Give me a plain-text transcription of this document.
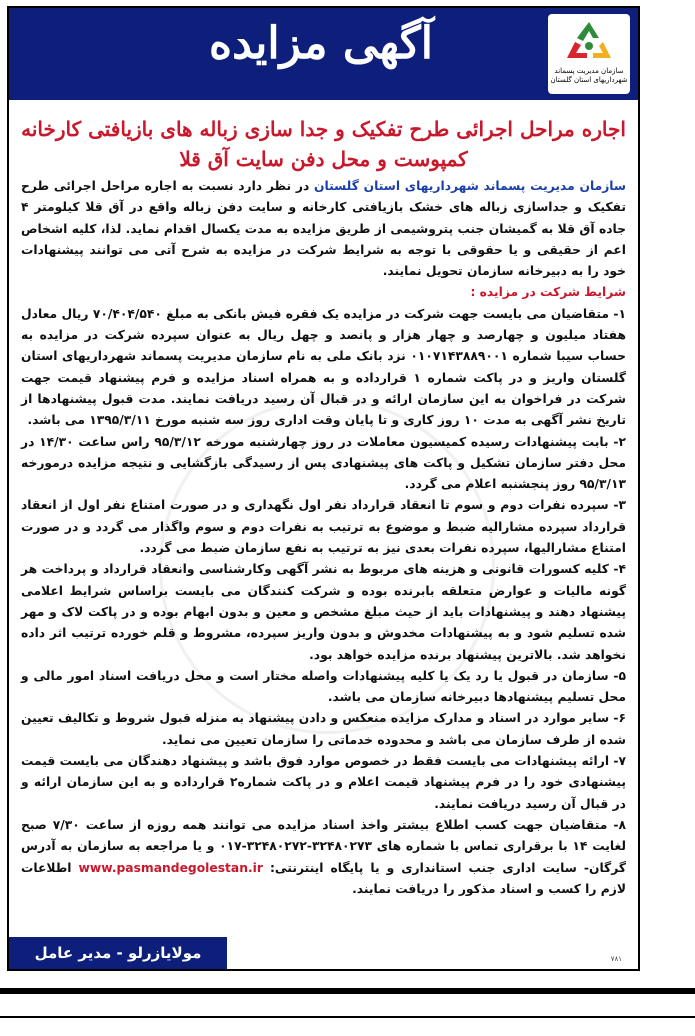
سازمان مدیریت پسماند شهرداریهای استان گلستان
آگهی مزایده
اجاره مراحل اجرائی طرح تفکیک و جدا سازی زباله های بازیافتی کارخانه کمپوست و محل دفن سایت آق قلا

سازمان مدیریت پسماند شهرداریهای استان گلستان در نظر دارد نسبت به اجاره مراحل اجرائی طرح تفکیک و جداسازی زباله های خشک بازیافتی کارخانه و سایت دفن زباله واقع در آق قلا کیلومتر ۴ جاده آق قلا به گمیشان جنب پتروشیمی از طریق مزایده به مدت یکسال اقدام نماید. لذا، کلیه اشخاص اعم از حقیقی و یا حقوقی با توجه به شرایط شرکت در مزایده به شرح آتی می توانند پیشنهادات خود را به دبیرخانه سازمان تحویل نمایند.

شرایط شرکت در مزایده :

۱- متقاضیان می بایست جهت شرکت در مزایده یک فقره فیش بانکی به مبلغ ۷۰/۴۰۴/۵۴۰ ریال معادل هفتاد میلیون و چهارصد و چهار هزار و پانصد و چهل ریال به عنوان سپرده شرکت در مزایده به حساب سیبا شماره ۰۱۰۷۱۴۳۸۸۹۰۰۱ نزد بانک ملی به نام سازمان مدیریت پسماند شهرداریهای استان گلستان واریز و در پاکت شماره ۱ قرارداده و به همراه اسناد مزایده و فرم پیشنهاد قیمت جهت شرکت در فراخوان به این سازمان ارائه و در قبال آن رسید دریافت نمایند. مدت قبول پیشنهادها از تاریخ نشر آگهی به مدت ۱۰ روز کاری و تا پایان وقت اداری روز سه شنبه مورخ ۱۳۹۵/۳/۱۱ می باشد.

۲- بابت پیشنهادات رسیده کمیسیون معاملات در روز چهارشنبه مورخه ۹۵/۳/۱۲ راس ساعت ۱۴/۳۰ در محل دفتر سازمان تشکیل و پاکت های پیشنهادی پس از رسیدگی بازگشایی و نتیجه مزایده درمورخه ۹۵/۳/۱۳ روز پنجشنبه اعلام می گردد.

۳- سپرده نفرات دوم و سوم تا انعقاد قرارداد نفر اول نگهداری و در صورت امتناع نفر اول از انعقاد قرارداد سپرده مشارالیه ضبط و موضوع به ترتیب به نفرات دوم و سوم واگذار می گردد و در صورت امتناع مشارالیها، سپرده نفرات بعدی نیز به ترتیب به نفع سازمان ضبط می گردد.

۴- کلیه کسورات قانونی و هزینه های مربوط به نشر آگهی وکارشناسی وانعقاد قرارداد و پرداخت هر گونه مالیات و عوارض متعلقه بابرنده بوده و شرکت کنندگان می بایست براساس شرایط اعلامی پیشنهاد دهند و پیشنهادات باید از حیث مبلغ مشخص و معین و بدون ابهام بوده و در پاکت لاک و مهر شده تسلیم شود و به پیشنهادات مخدوش و بدون واریز سپرده، مشروط و قلم خورده ترتیب اثر داده نخواهد شد. بالاترین پیشنهاد برنده مزایده خواهد بود.

۵- سازمان در قبول یا رد یک یا کلیه پیشنهادات واصله مختار است و محل دریافت اسناد امور مالی و محل تسلیم پیشنهادها دبیرخانه سازمان می باشد.

۶- سایر موارد در اسناد و مدارک مزایده منعکس و دادن پیشنهاد به منزله قبول شروط و تکالیف تعیین شده از طرف سازمان می باشد و محدوده خدماتی را سازمان تعیین می نماید.

۷- ارائه پیشنهادات می بایست فقط در خصوص موارد فوق باشد و پیشنهاد دهندگان می بایست قیمت پیشنهادی خود را در فرم پیشنهاد قیمت اعلام و در پاکت شماره۲ قرارداده و به این سازمان ارائه و در قبال آن رسید دریافت نمایند.

۸- متقاضیان جهت کسب اطلاع بیشتر واخذ اسناد مزایده می توانند همه روزه از ساعت ۷/۳۰ صبح لغایت ۱۴ با برقراری تماس با شماره های ۳۲۴۸۰۲۷۳-۳۲۴۸۰۲۷۲-۰۱۷ و یا مراجعه به سازمان به آدرس گرگان- سایت اداری جنب استانداری و یا پایگاه اینترنتی: www.pasmandegolestan.ir اطلاعات لازم را کسب و اسناد مذکور را دریافت نمایند.

مولایازرلو - مدیر عامل	۷۸۱
